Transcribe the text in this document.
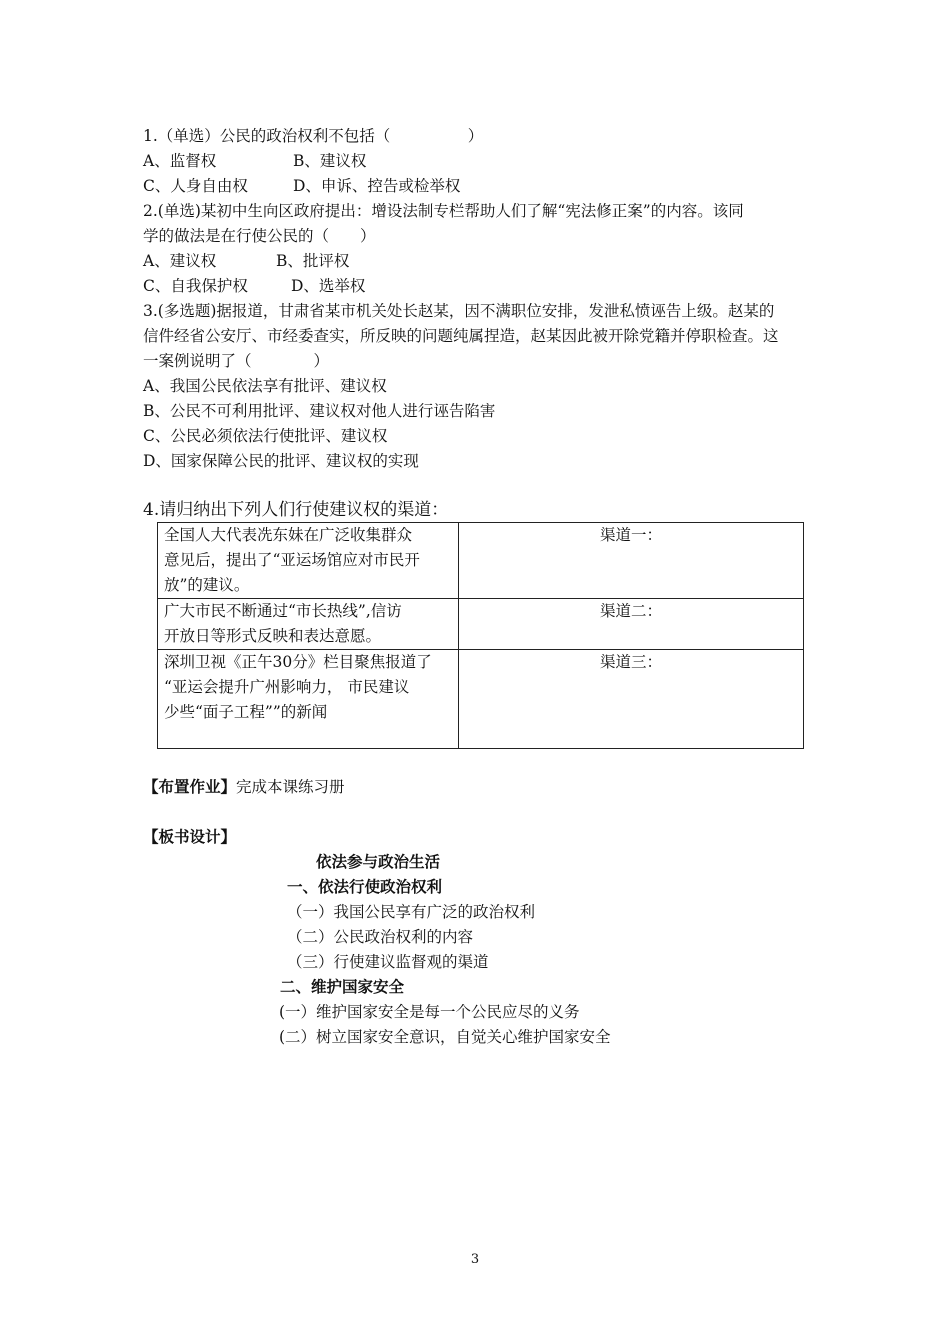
1.（单选）公民的政治权利不包括（　　　　　）
A、监督权	B、建议权
C、人身自由权	D、申诉、控告或检举权
2.(单选)某初中生向区政府提出：增设法制专栏帮助人们了解“宪法修正案”的内容。该同
学的做法是在行使公民的（　　）
A、建议权	B、批评权
C、自我保护权	D、选举权
3.(多选题)据报道，甘肃省某市机关处长赵某，因不满职位安排，发泄私愤诬告上级。赵某的
信件经省公安厅、市经委查实，所反映的问题纯属捏造，赵某因此被开除党籍并停职检查。这
一案例说明了（　　　　）
A、我国公民依法享有批评、建议权
B、公民不可利用批评、建议权对他人进行诬告陷害
C、公民必须依法行使批评、建议权
D、国家保障公民的批评、建议权的实现
4.请归纳出下列人们行使建议权的渠道：
全国人大代表冼东妹在广泛收集群众
意见后，提出了“亚运场馆应对市民开
放”的建议。	渠道一：

广大市民不断通过“市长热线”,信访
开放日等形式反映和表达意愿。	渠道二：

深圳卫视《正午30分》栏目聚焦报道了
“亚运会提升广州影响力， 市民建议
少些“面子工程””的新闻	渠道三：
【布置作业】完成本课练习册
【板书设计】
依法参与政治生活
一、依法行使政治权利
（一）我国公民享有广泛的政治权利
（二）公民政治权利的内容
（三）行使建议监督观的渠道
二、维护国家安全
(一）维护国家安全是每一个公民应尽的义务
(二）树立国家安全意识，自觉关心维护国家安全
3
